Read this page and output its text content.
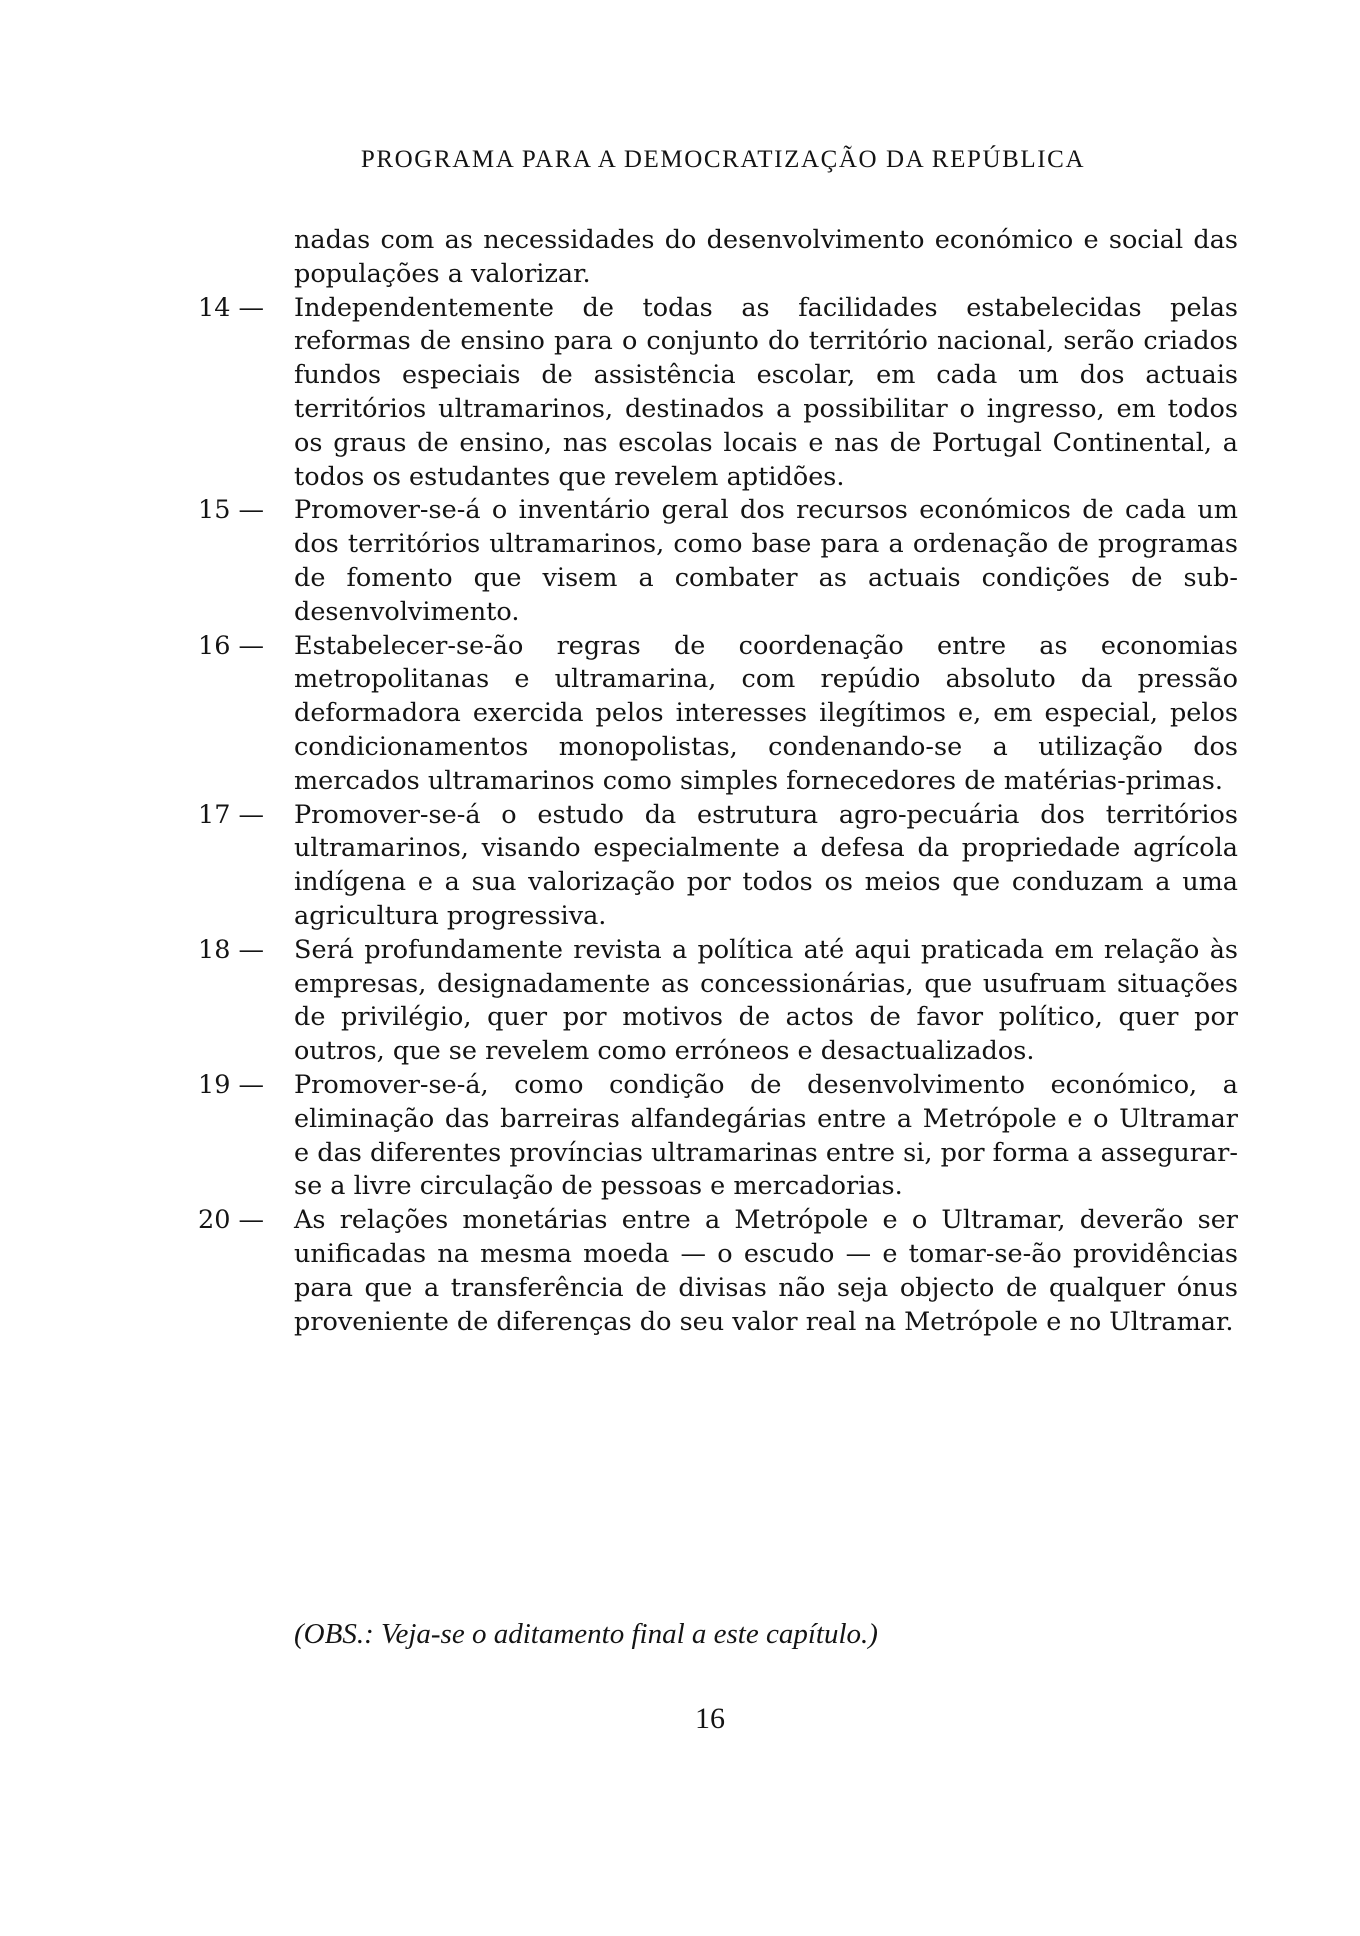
PROGRAMA PARA A DEMOCRATIZAÇÃO DA REPÚBLICA
nadas com as necessidades do desenvolvimento económico e social das populações a valorizar.
14 —	Independentemente de todas as facilidades estabelecidas pelas reformas de ensino para o conjunto do território nacional, serão criados fundos especiais de assistência escolar, em cada um dos actuais territórios ultramarinos, destinados a possibilitar o ingresso, em todos os graus de ensino, nas escolas locais e nas de Portugal Continental, a todos os estudantes que revelem aptidões.
15 —	Promover-se-á o inventário geral dos recursos económicos de cada um dos territórios ultramarinos, como base para a ordenação de programas de fomento que visem a combater as actuais condições de sub-desenvolvimento.
16 —	Estabelecer-se-ão regras de coordenação entre as economias metropolitanas e ultramarina, com repúdio absoluto da pressão deformadora exercida pelos interesses ilegítimos e, em especial, pelos condicionamentos monopolistas, condenando-se a utilização dos mercados ultramarinos como simples fornecedores de matérias-primas.
17 —	Promover-se-á o estudo da estrutura agro-pecuária dos territórios ultramarinos, visando especialmente a defesa da propriedade agrícola indígena e a sua valorização por todos os meios que conduzam a uma agricultura progressiva.
18 —	Será profundamente revista a política até aqui praticada em relação às empresas, designadamente as concessionárias, que usufruam situações de privilégio, quer por motivos de actos de favor político, quer por outros, que se revelem como erróneos e desactualizados.
19 —	Promover-se-á, como condição de desenvolvimento económico, a eliminação das barreiras alfandegárias entre a Metrópole e o Ultramar e das diferentes províncias ultramarinas entre si, por forma a assegurar-se a livre circulação de pessoas e mercadorias.
20 —	As relações monetárias entre a Metrópole e o Ultramar, deverão ser unificadas na mesma moeda — o escudo — e tomar-se-ão providências para que a transferência de divisas não seja objecto de qualquer ónus proveniente de diferenças do seu valor real na Metrópole e no Ultramar.
(OBS.: Veja-se o aditamento final a este capítulo.)
16
